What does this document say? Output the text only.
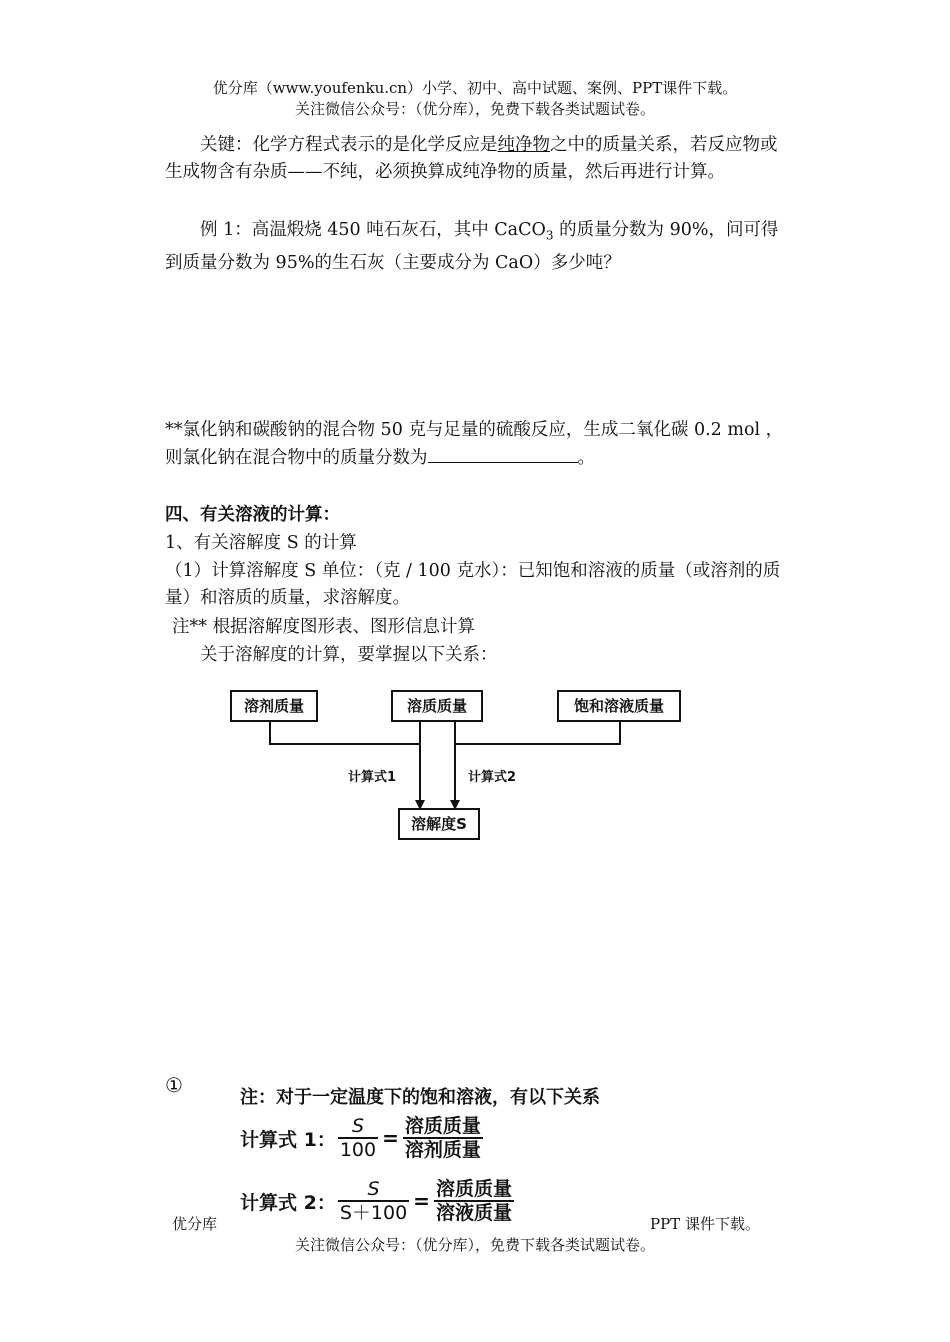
优分库（www.youfenku.cn）小学、初中、高中试题、案例、PPT课件下载。
关注微信公众号：（优分库），免费下载各类试题试卷。
关键：化学方程式表示的是化学反应是纯净物之中的质量关系，若反应物或生成物含有杂质——不纯，必须换算成纯净物的质量，然后再进行计算。
例 1：高温煅烧 450 吨石灰石，其中 CaCO$_3$ 的质量分数为 90%，问可得到质量分数为 95%的生石灰（主要成分为 CaO）多少吨？
**氯化钠和碳酸钠的混合物 50 克与足量的硫酸反应，生成二氧化碳 0.2 mol ，则氯化钠在混合物中的质量分数为	。
四、有关溶液的计算：
1、有关溶解度 S 的计算
（1）计算溶解度 S 单位：（克 / 100 克水）：已知饱和溶液的质量（或溶剂的质量）和溶质的质量，求溶解度。
注** 根据溶解度图形表、图形信息计算
关于溶解度的计算，要掌握以下关系：
溶剂质量	溶质质量	饱和溶液质量
溶解度S
计算式1	计算式2
①
注：对于一定温度下的饱和溶液，有以下关系
计算式 1： $\frac{S}{100} = \frac{\text{溶质质量}}{\text{溶剂质量}}$
计算式 2： $\frac{S}{S+100} = \frac{\text{溶质质量}}{\text{溶液质量}}$
优分库	PPT 课件下载。
关注微信公众号：（优分库），免费下载各类试题试卷。
